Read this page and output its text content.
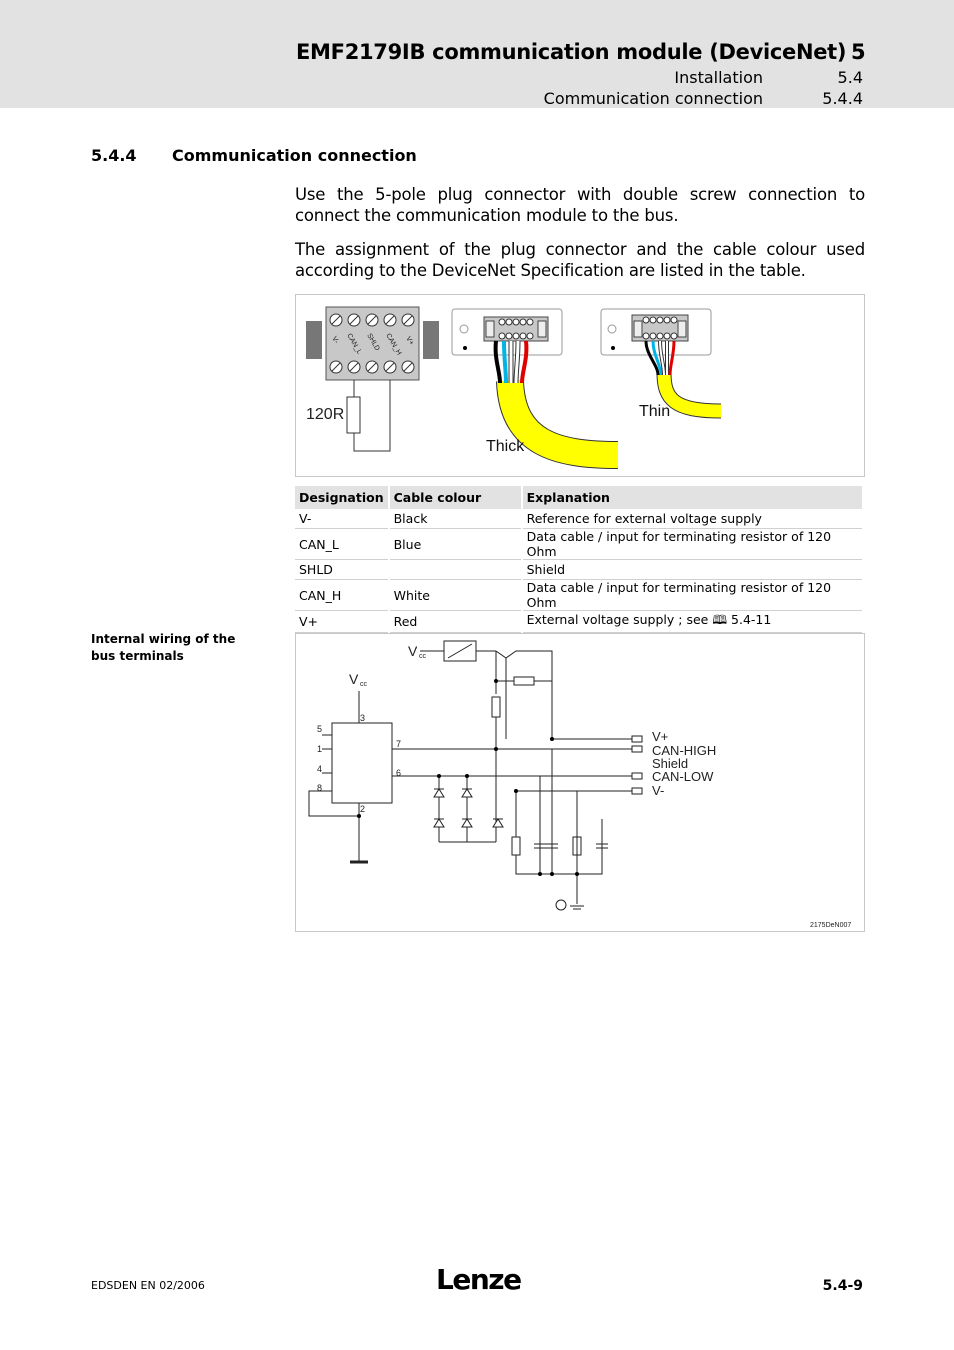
EMF2179IB communication module (DeviceNet) 5
Installation	5.4
Communication connection	5.4.4
5.4.4 Communication connection
Use the 5-pole plug connector with double screw connection to connect the communication module to the bus.
The assignment of the plug connector and the cable colour used according to the DeviceNet Specification are listed in the table.
V- CAN_L SHLD CAN_H V+
120R
Thick
Thin
Designation	Cable colour	Explanation
V-	Black	Reference for external voltage supply
CAN_L	Blue	Data cable / input for terminating resistor of 120 Ohm
SHLD		Shield
CAN_H	White	Data cable / input for terminating resistor of 120 Ohm
V+	Red	External voltage supply ; see 🕮 5.4-11
Internal wiring of the bus terminals	V cc
V cc
3
5
1	7
4	6
8
2
V+
CAN-HIGH
Shield
CAN-LOW
V-
2175DeN007
EDSDEN EN 02/2006	Lenze	5.4-9
